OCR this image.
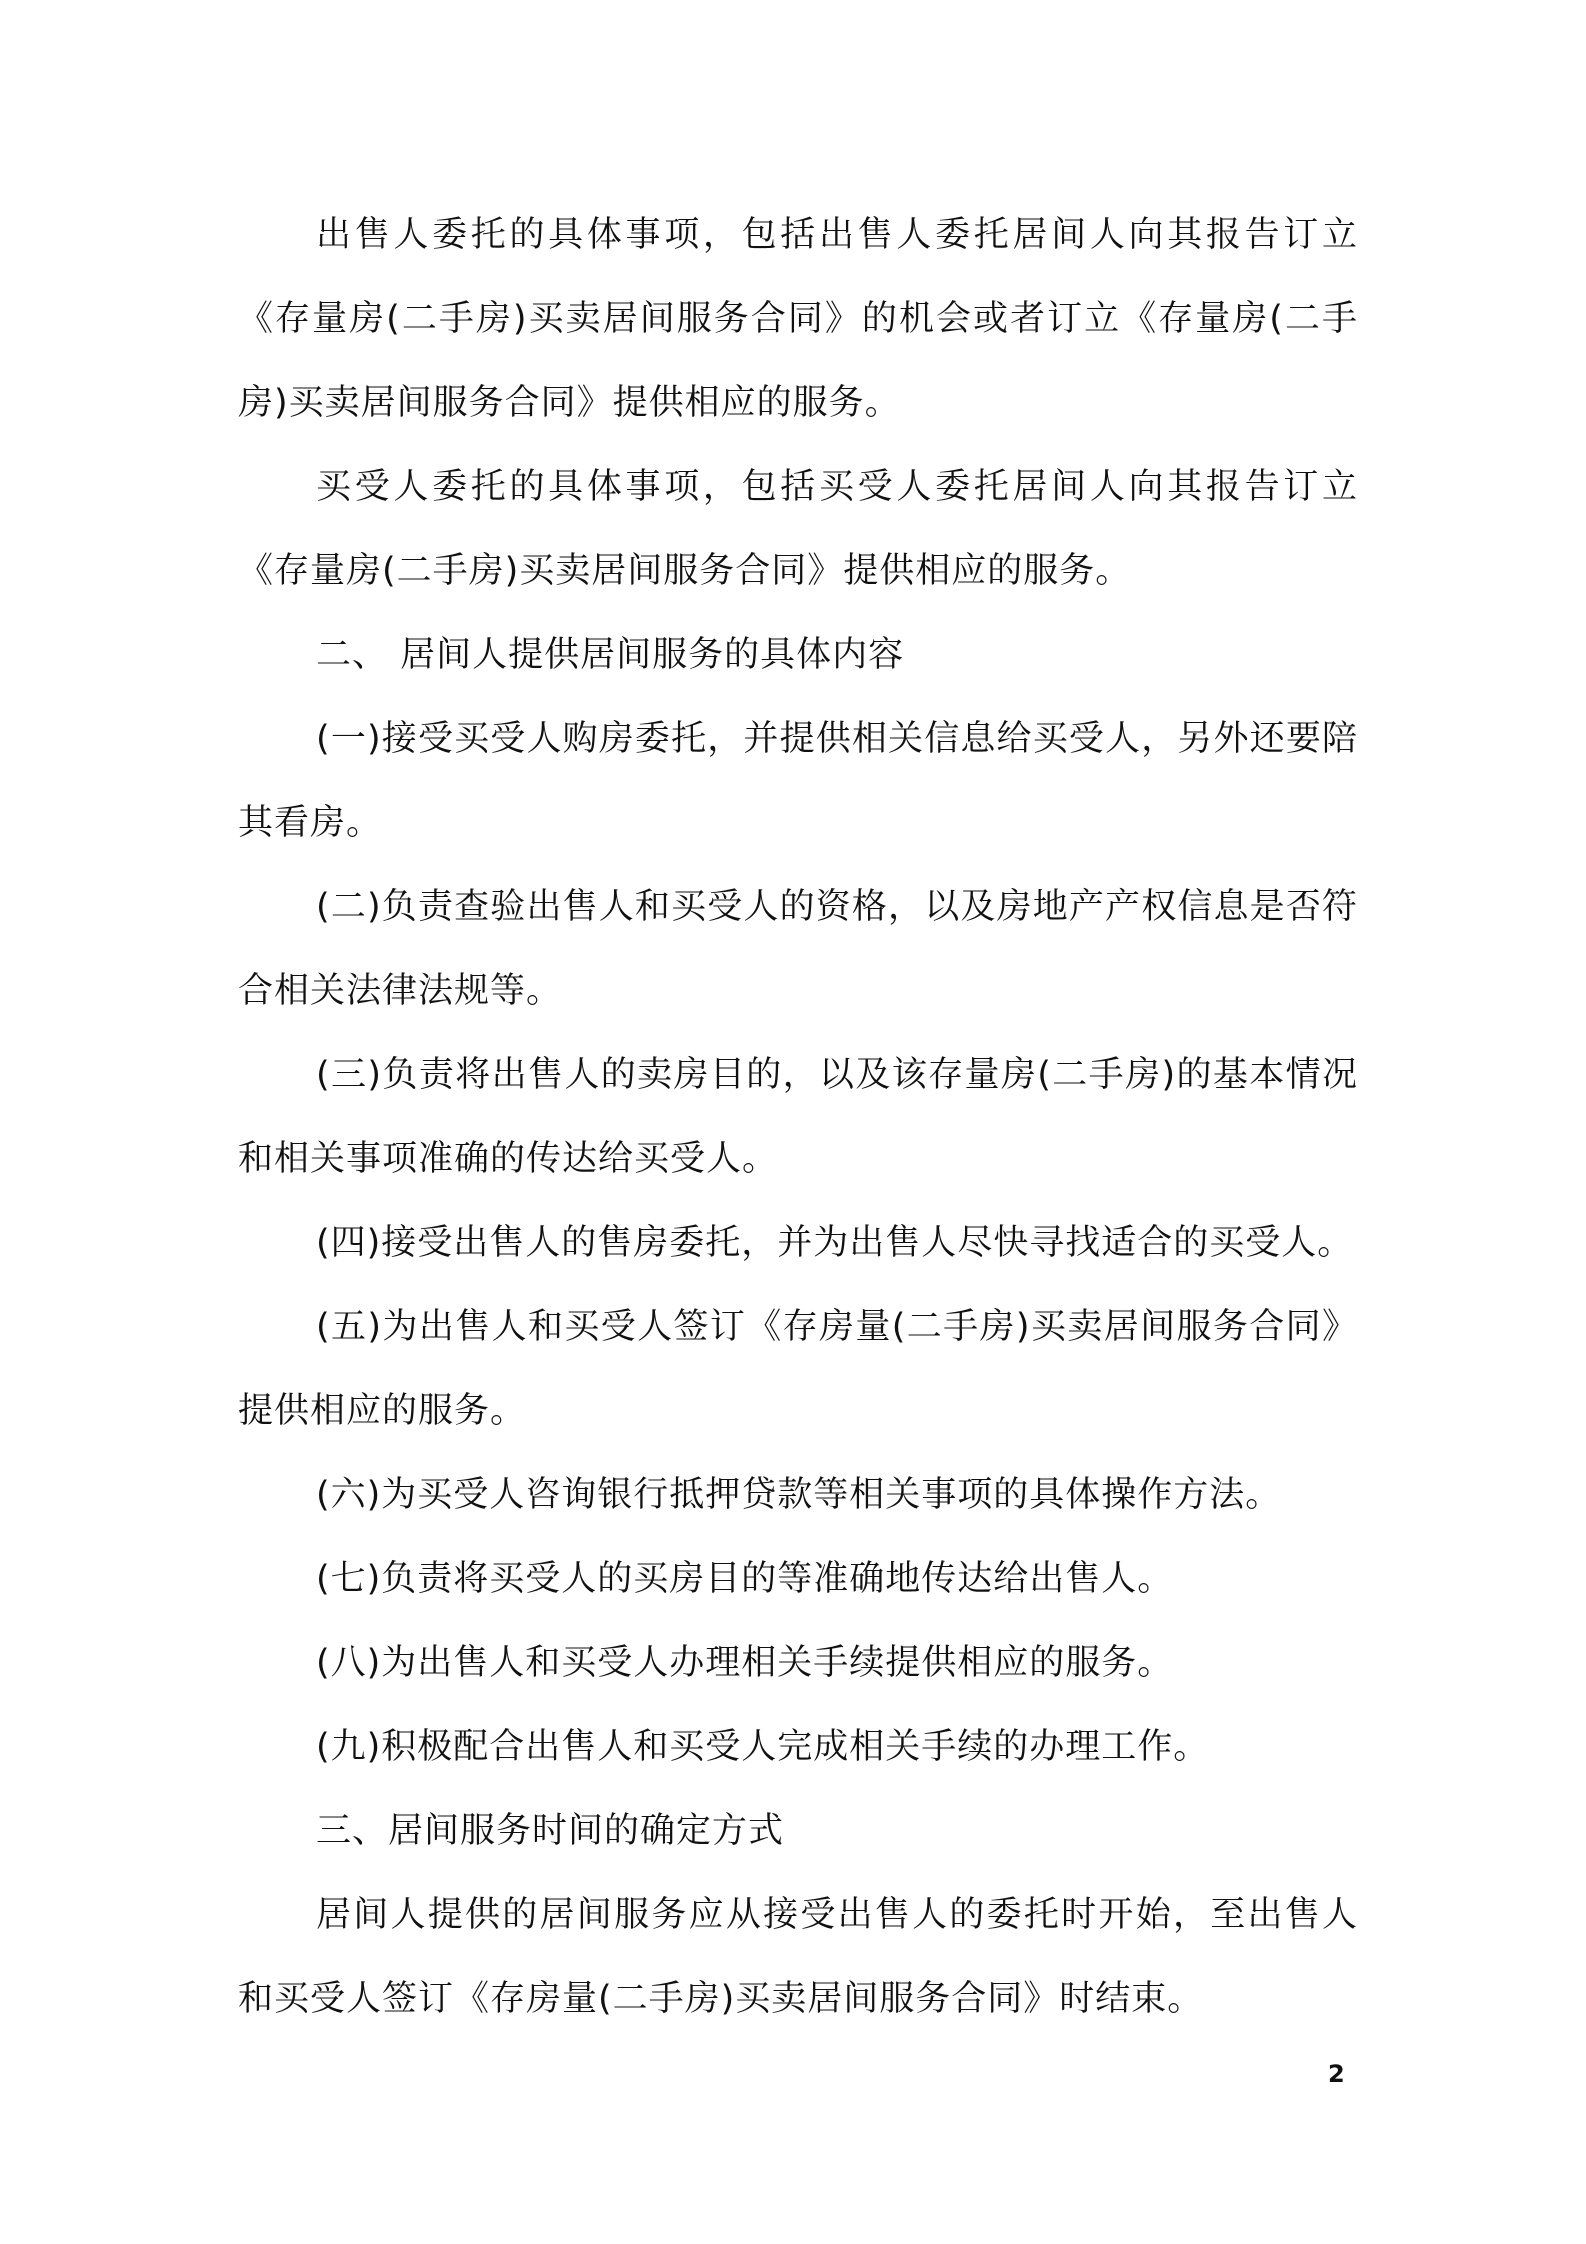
出售人委托的具体事项，包括出售人委托居间人向其报告订立《存量房(二手房)买卖居间服务合同》的机会或者订立《存量房(二手房)买卖居间服务合同》提供相应的服务。

买受人委托的具体事项，包括买受人委托居间人向其报告订立《存量房(二手房)买卖居间服务合同》提供相应的服务。

二、 居间人提供居间服务的具体内容

(一)接受买受人购房委托，并提供相关信息给买受人，另外还要陪其看房。

(二)负责查验出售人和买受人的资格，以及房地产产权信息是否符合相关法律法规等。

(三)负责将出售人的卖房目的，以及该存量房(二手房)的基本情况和相关事项准确的传达给买受人。

(四)接受出售人的售房委托，并为出售人尽快寻找适合的买受人。

(五)为出售人和买受人签订《存房量(二手房)买卖居间服务合同》提供相应的服务。

(六)为买受人咨询银行抵押贷款等相关事项的具体操作方法。

(七)负责将买受人的买房目的等准确地传达给出售人。

(八)为出售人和买受人办理相关手续提供相应的服务。

(九)积极配合出售人和买受人完成相关手续的办理工作。

三、居间服务时间的确定方式

居间人提供的居间服务应从接受出售人的委托时开始，至出售人和买受人签订《存房量(二手房)买卖居间服务合同》时结束。

2
